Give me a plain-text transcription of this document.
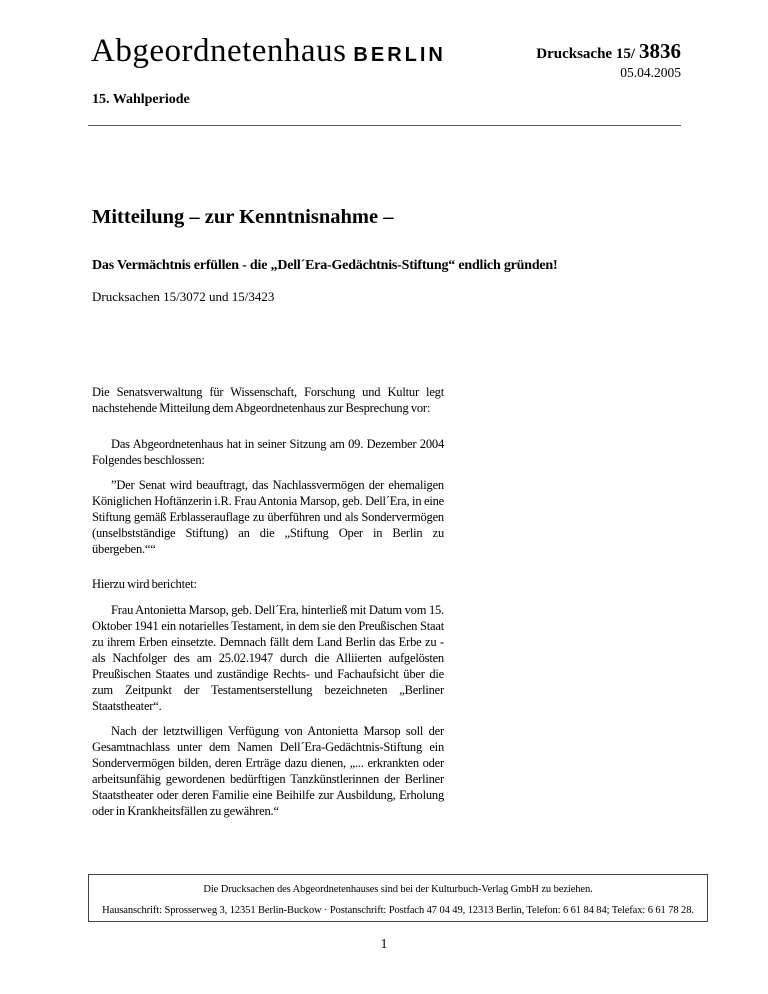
Abgeordnetenhaus BERLIN	Drucksache 15/ 3836
05.04.2005
15. Wahlperiode
Mitteilung – zur Kenntnisnahme –
Das Vermächtnis erfüllen - die „Dell´Era-Gedächtnis-Stiftung“ endlich gründen!
Drucksachen 15/3072 und 15/3423

Die Senatsverwaltung für Wissenschaft, Forschung und Kultur legt nachstehende Mitteilung dem Abgeordnetenhaus zur Besprechung vor:

Das Abgeordnetenhaus hat in seiner Sitzung am 09. Dezember 2004 Folgendes beschlossen:

”Der Senat wird beauftragt, das Nachlassvermögen der ehemaligen Königlichen Hoftänzerin i.R. Frau Antonia Marsop, geb. Dell´Era, in eine Stiftung gemäß Erblasserauflage zu überführen und als Sondervermögen (unselbstständige Stiftung) an die „Stiftung Oper in Berlin zu übergeben.““

Hierzu wird berichtet:

Frau Antonietta Marsop, geb. Dell´Era, hinterließ mit Datum vom 15. Oktober 1941 ein notarielles Testament, in dem sie den Preußischen Staat zu ihrem Erben einsetzte. Demnach fällt dem Land Berlin das Erbe zu - als Nachfolger des am 25.02.1947 durch die Alliierten aufgelösten Preußischen Staates und zuständige Rechts- und Fachaufsicht über die zum Zeitpunkt der Testamentserstellung bezeichneten „Berliner Staatstheater“.

Nach der letztwilligen Verfügung von Antonietta Marsop soll der Gesamtnachlass unter dem Namen Dell´Era-Gedächtnis-Stiftung ein Sondervermögen bilden, deren Erträge dazu dienen, „... erkrankten oder arbeitsunfähig gewordenen bedürftigen Tanzkünstlerinnen der Berliner Staatstheater oder deren Familie eine Beihilfe zur Ausbildung, Erholung oder in Krankheitsfällen zu gewähren.“

Die Drucksachen des Abgeordnetenhauses sind bei der Kulturbuch-Verlag GmbH zu beziehen.
Hausanschrift: Sprosserweg 3, 12351 Berlin-Buckow · Postanschrift: Postfach 47 04 49, 12313 Berlin, Telefon: 6 61 84 84; Telefax: 6 61 78 28.
1
